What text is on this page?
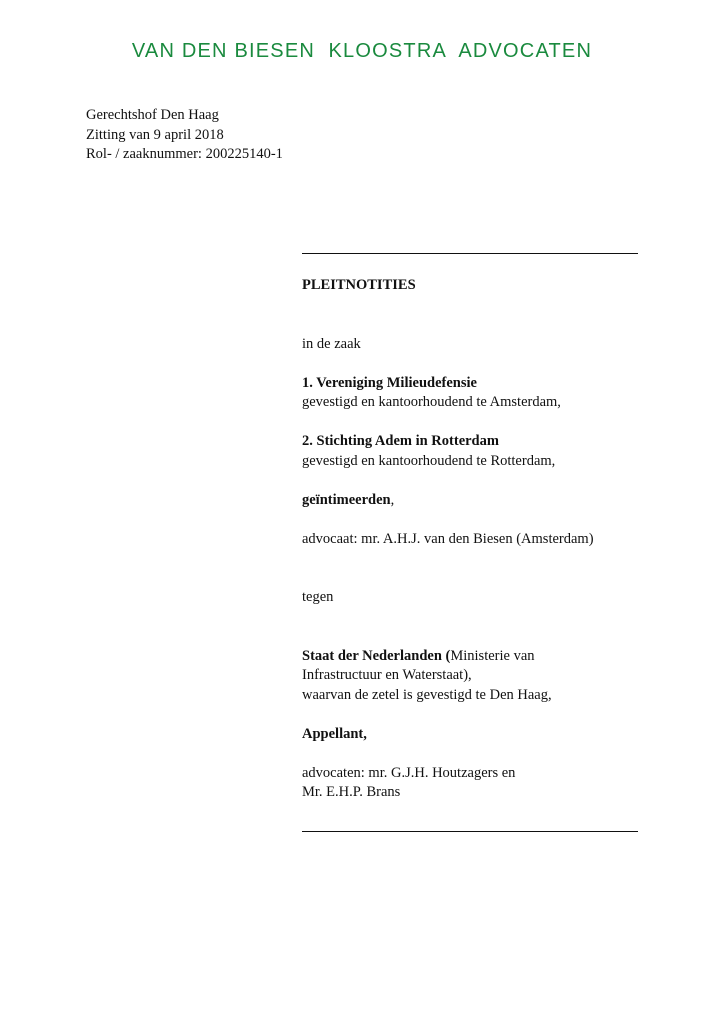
VAN DEN BIESEN  KLOOSTRA  ADVOCATEN
Gerechtshof Den Haag
Zitting van 9 april 2018
Rol- / zaaknummer: 200225140-1
PLEITNOTITIES
in de zaak
1. Vereniging Milieudefensie
gevestigd en kantoorhoudend te Amsterdam,
2. Stichting Adem in Rotterdam
gevestigd en kantoorhoudend te Rotterdam,
geïntimeerden,
advocaat: mr. A.H.J. van den Biesen (Amsterdam)
tegen
Staat der Nederlanden (Ministerie van
Infrastructuur en Waterstaat),
waarvan de zetel is gevestigd te Den Haag,
Appellant,
advocaten: mr. G.J.H. Houtzagers en
Mr. E.H.P. Brans
